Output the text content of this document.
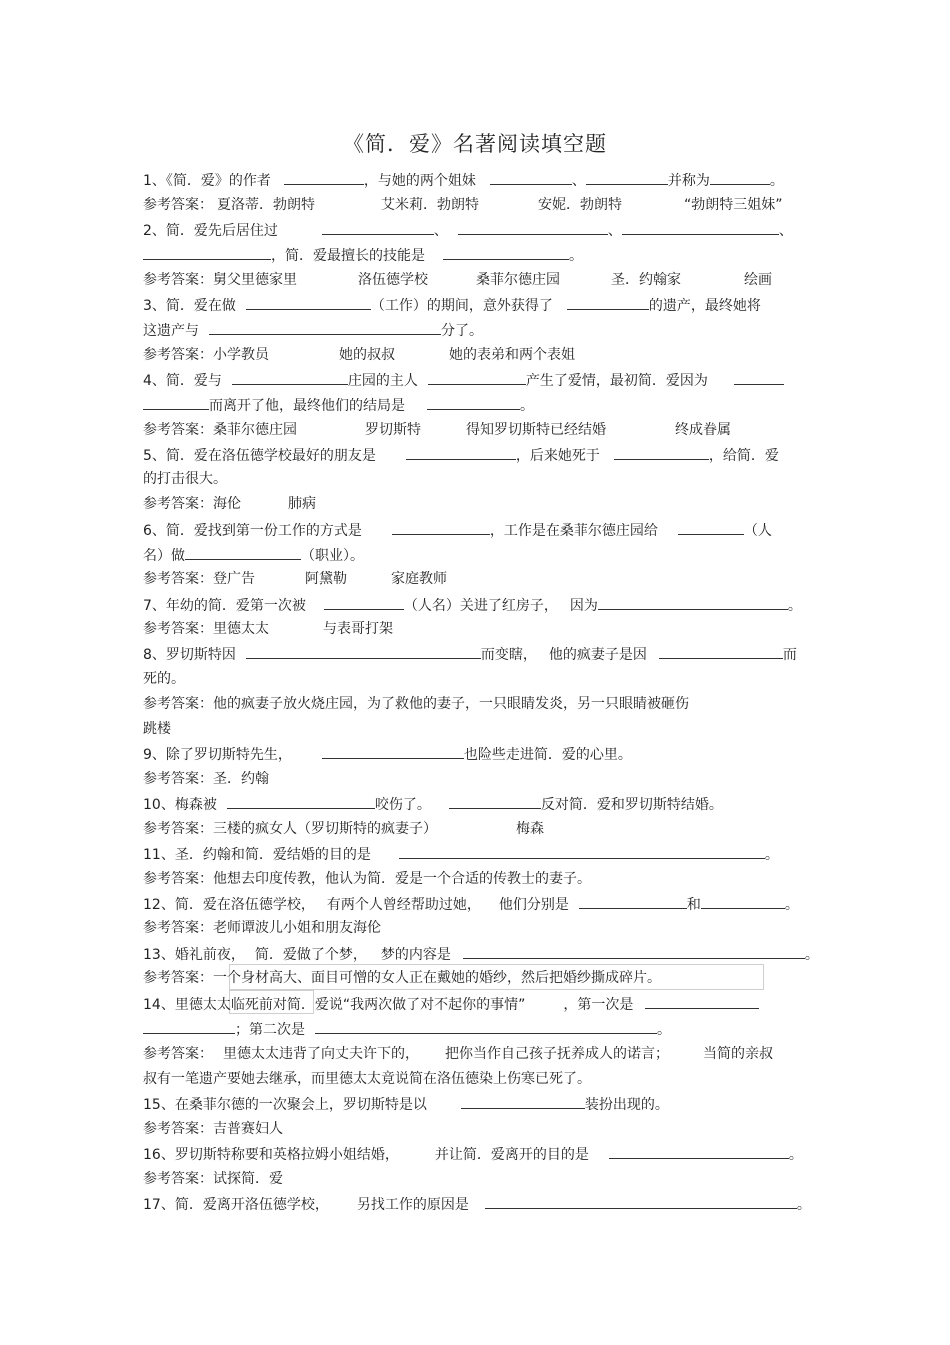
《简．爱》名著阅读填空题
1、《简．爱》的作者	，与她的两个姐妹	、	并称为	。
参考答案： 夏洛蒂．勃朗特	艾米莉．勃朗特	安妮．勃朗特	“勃朗特三姐妹”
2、简．爱先后居住过	、	、	、
，简．爱最擅长的技能是	。
参考答案：舅父里德家里	洛伍德学校	桑菲尔德庄园	圣．约翰家	绘画
3、简．爱在做	（工作）的期间，意外获得了	的遗产，最终她将
这遗产与	分了。
参考答案：小学教员	她的叔叔	她的表弟和两个表姐
4、简．爱与	庄园的主人	产生了爱情，最初简．爱因为
而离开了他，最终他们的结局是	。
参考答案：桑菲尔德庄园	罗切斯特	得知罗切斯特已经结婚	终成眷属
5、简．爱在洛伍德学校最好的朋友是	，后来她死于	，给简．爱
的打击很大。
参考答案：海伦	肺病
6、简．爱找到第一份工作的方式是	，工作是在桑菲尔德庄园给	（人
名）做	（职业）。
参考答案：登广告	阿黛勒	家庭教师
7、年幼的简．爱第一次被	（人名）关进了红房子， 因为	。
参考答案：里德太太	与表哥打架
8、罗切斯特因	而变瞎， 他的疯妻子是因	而
死的。
参考答案：他的疯妻子放火烧庄园，为了救他的妻子，一只眼睛发炎，另一只眼睛被砸伤
跳楼
9、除了罗切斯特先生，	也险些走进简．爱的心里。
参考答案：圣．约翰
10、梅森被	咬伤了。	反对简．爱和罗切斯特结婚。
参考答案：三楼的疯女人（罗切斯特的疯妻子）	梅森
11、圣．约翰和简．爱结婚的目的是	。
参考答案：他想去印度传教，他认为简．爱是一个合适的传教士的妻子。
12、简．爱在洛伍德学校， 有两个人曾经帮助过她， 他们分别是	和	。
参考答案：老师谭波儿小姐和朋友海伦
13、婚礼前夜， 简．爱做了个梦， 梦的内容是	。
参考答案：一个身材高大、面目可憎的女人正在戴她的婚纱，然后把婚纱撕成碎片。
14、里德太太临死前对简．爱说“我两次做了对不起你的事情”	，第一次是
；第二次是	。
参考答案： 里德太太违背了向丈夫许下的， 把你当作自己孩子抚养成人的诺言； 当简的亲叔
叔有一笔遗产要她去继承，而里德太太竟说简在洛伍德染上伤寒已死了。
15、在桑菲尔德的一次聚会上，罗切斯特是以	装扮出现的。
参考答案：吉普赛妇人
16、罗切斯特称要和英格拉姆小姐结婚，	并让简．爱离开的目的是	。
参考答案：试探简．爱
17、简．爱离开洛伍德学校， 另找工作的原因是	。
